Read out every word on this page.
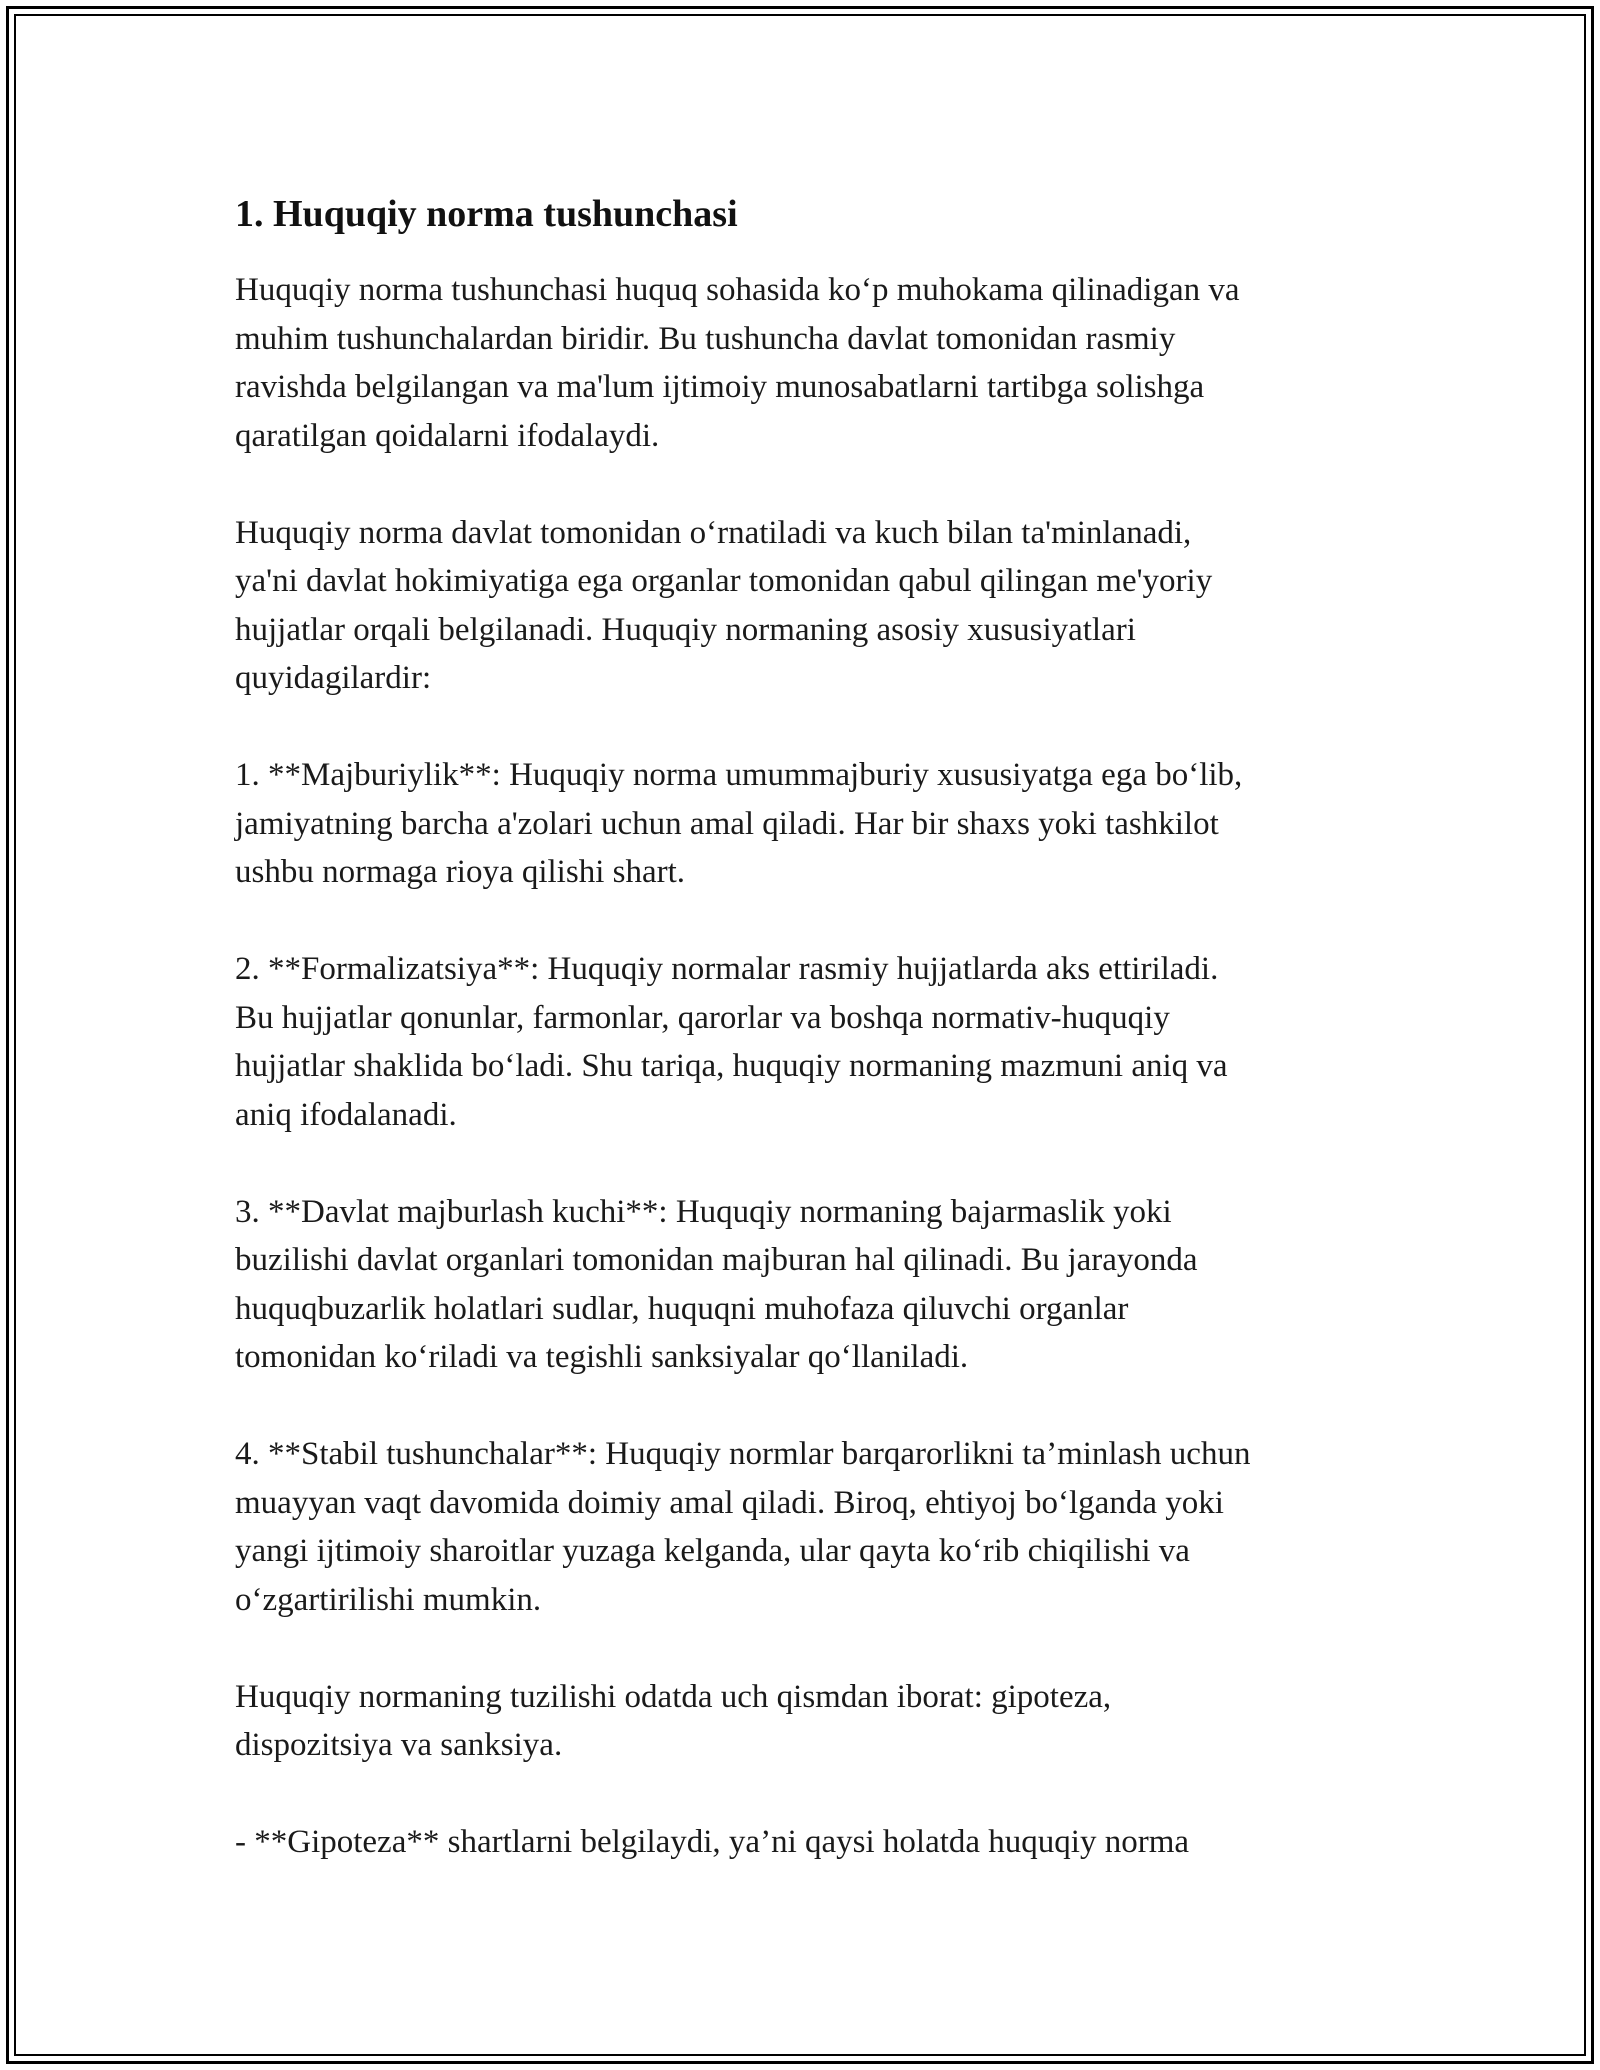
1. Huquqiy norma tushunchasi

Huquqiy norma tushunchasi huquq sohasida ko‘p muhokama qilinadigan va
muhim tushunchalardan biridir. Bu tushuncha davlat tomonidan rasmiy
ravishda belgilangan va ma'lum ijtimoiy munosabatlarni tartibga solishga
qaratilgan qoidalarni ifodalaydi.

Huquqiy norma davlat tomonidan o‘rnatiladi va kuch bilan ta'minlanadi,
ya'ni davlat hokimiyatiga ega organlar tomonidan qabul qilingan me'yoriy
hujjatlar orqali belgilanadi. Huquqiy normaning asosiy xususiyatlari
quyidagilardir:

1. **Majburiylik**: Huquqiy norma umummajburiy xususiyatga ega bo‘lib,
jamiyatning barcha a'zolari uchun amal qiladi. Har bir shaxs yoki tashkilot
ushbu normaga rioya qilishi shart.

2. **Formalizatsiya**: Huquqiy normalar rasmiy hujjatlarda aks ettiriladi.
Bu hujjatlar qonunlar, farmonlar, qarorlar va boshqa normativ-huquqiy
hujjatlar shaklida bo‘ladi. Shu tariqa, huquqiy normaning mazmuni aniq va
aniq ifodalanadi.

3. **Davlat majburlash kuchi**: Huquqiy normaning bajarmaslik yoki
buzilishi davlat organlari tomonidan majburan hal qilinadi. Bu jarayonda
huquqbuzarlik holatlari sudlar, huquqni muhofaza qiluvchi organlar
tomonidan ko‘riladi va tegishli sanksiyalar qo‘llaniladi.

4. **Stabil tushunchalar**: Huquqiy normlar barqarorlikni ta’minlash uchun
muayyan vaqt davomida doimiy amal qiladi. Biroq, ehtiyoj bo‘lganda yoki
yangi ijtimoiy sharoitlar yuzaga kelganda, ular qayta ko‘rib chiqilishi va
o‘zgartirilishi mumkin.

Huquqiy normaning tuzilishi odatda uch qismdan iborat: gipoteza,
dispozitsiya va sanksiya.

- **Gipoteza** shartlarni belgilaydi, ya’ni qaysi holatda huquqiy norma
